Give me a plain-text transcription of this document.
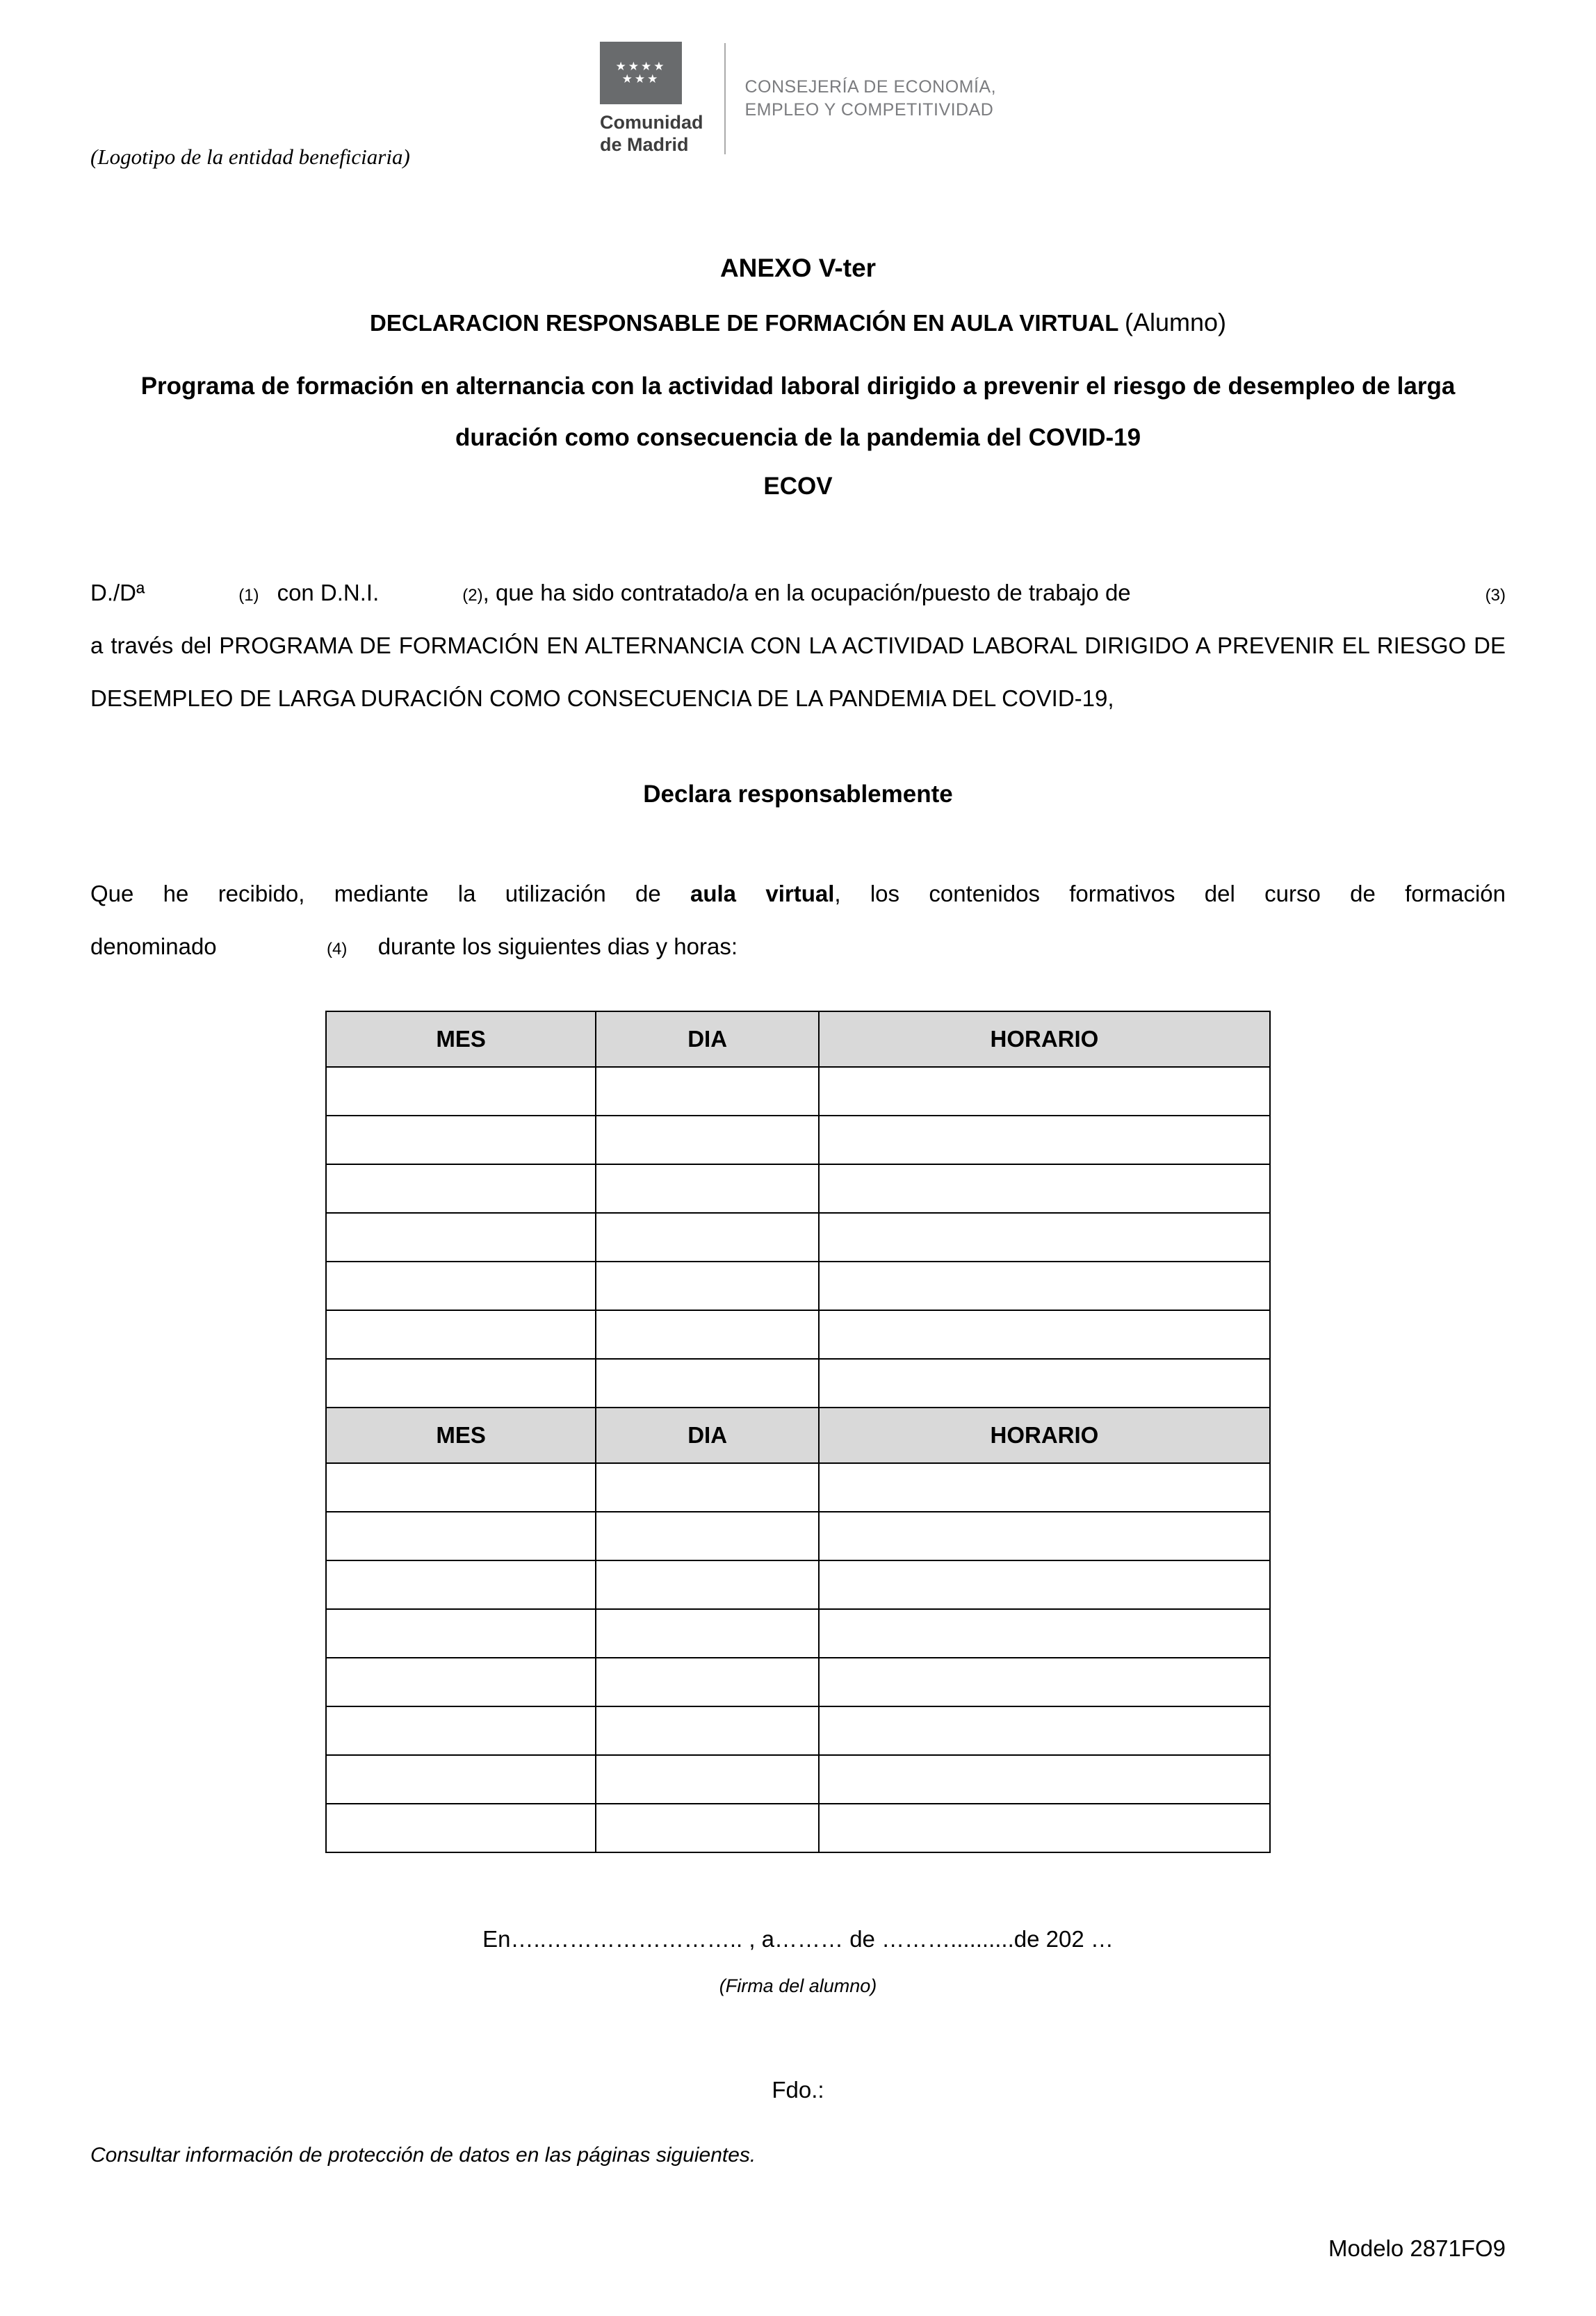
(Logotipo de la entidad beneficiaria)
★★★★
★★★
Comunidad
de Madrid
CONSEJERÍA DE ECONOMÍA,
EMPLEO Y COMPETITIVIDAD

ANEXO V-ter

DECLARACION RESPONSABLE DE FORMACIÓN EN AULA VIRTUAL (Alumno)

Programa de formación en alternancia con la actividad laboral dirigido a prevenir el riesgo de desempleo de larga duración como consecuencia de la pandemia del COVID-19

ECOV

D./Dª	(1) con D.N.I.	(2) , que ha sido contratado/a en la ocupación/puesto de trabajo de	(3)

a través del PROGRAMA DE FORMACIÓN EN ALTERNANCIA CON LA ACTIVIDAD LABORAL DIRIGIDO A PREVENIR EL RIESGO DE DESEMPLEO DE LARGA DURACIÓN COMO CONSECUENCIA DE LA PANDEMIA DEL COVID-19,

Declara responsablemente

Que he recibido, mediante la utilización de aula virtual, los contenidos formativos del curso de formación
denominado	(4) durante los siguientes dias y horas:
MES	DIA	HORARIO

MES	DIA	HORARIO

En…..…………………….. , a……… de ………..........de 202 …

(Firma del alumno)

Fdo.:

Consultar información de protección de datos en las páginas siguientes.

Modelo 2871FO9
